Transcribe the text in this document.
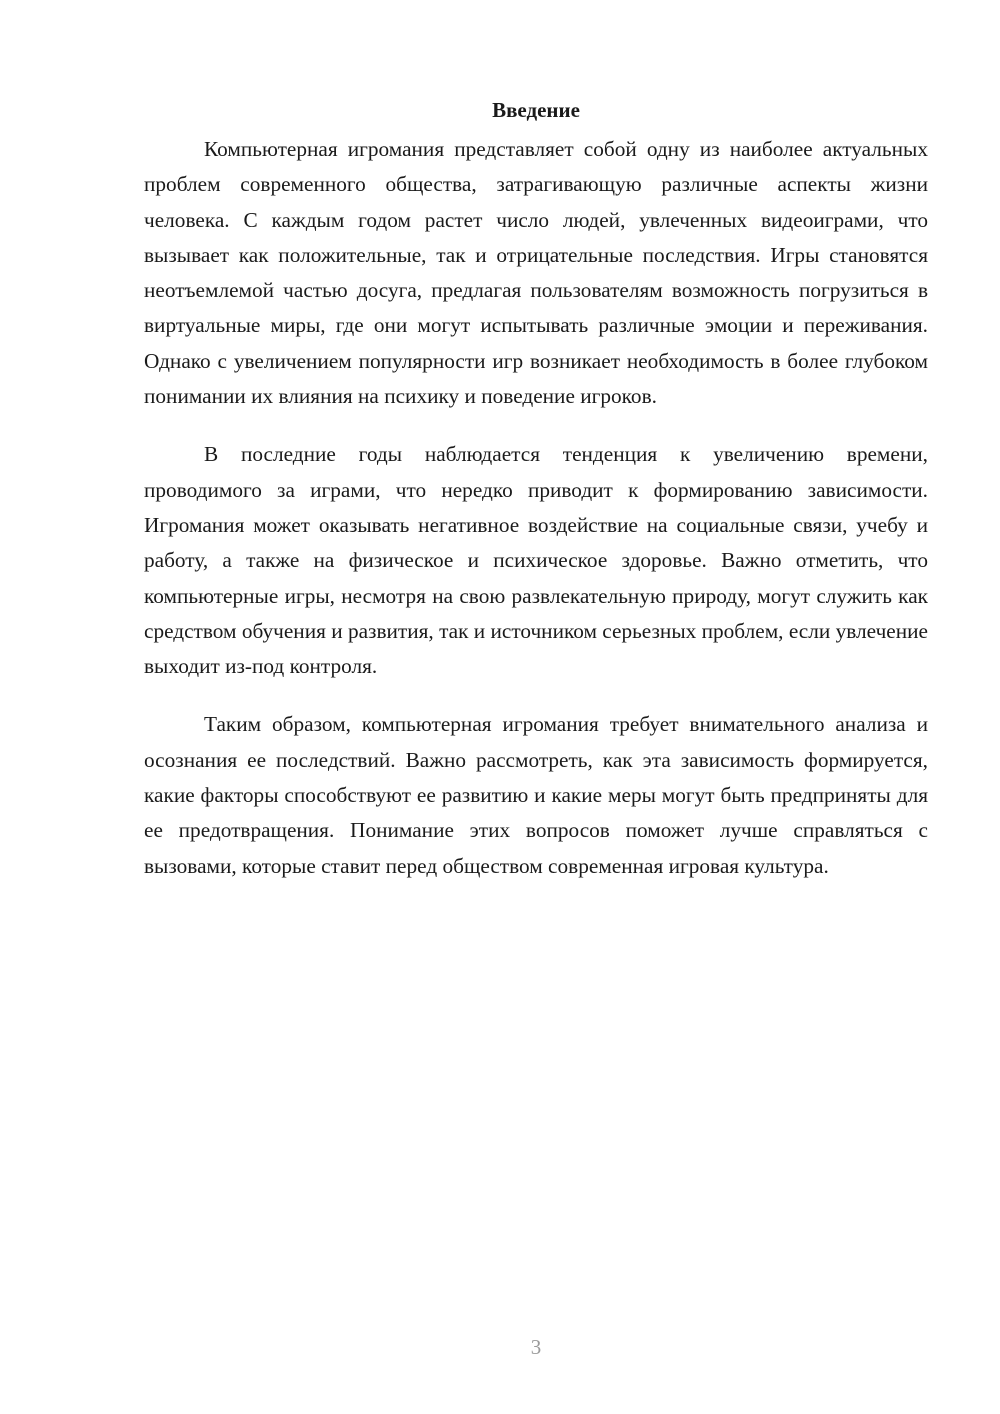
Введение

Компьютерная игромания представляет собой одну из наиболее актуальных проблем современного общества, затрагивающую различные аспекты жизни человека. С каждым годом растет число людей, увлеченных видеоиграми, что вызывает как положительные, так и отрицательные последствия. Игры становятся неотъемлемой частью досуга, предлагая пользователям возможность погрузиться в виртуальные миры, где они могут испытывать различные эмоции и переживания. Однако с увеличением популярности игр возникает необходимость в более глубоком понимании их влияния на психику и поведение игроков.

В последние годы наблюдается тенденция к увеличению времени, проводимого за играми, что нередко приводит к формированию зависимости. Игромания может оказывать негативное воздействие на социальные связи, учебу и работу, а также на физическое и психическое здоровье. Важно отметить, что компьютерные игры, несмотря на свою развлекательную природу, могут служить как средством обучения и развития, так и источником серьезных проблем, если увлечение выходит из-под контроля.

Таким образом, компьютерная игромания требует внимательного анализа и осознания ее последствий. Важно рассмотреть, как эта зависимость формируется, какие факторы способствуют ее развитию и какие меры могут быть предприняты для ее предотвращения. Понимание этих вопросов поможет лучше справляться с вызовами, которые ставит перед обществом современная игровая культура.

3
